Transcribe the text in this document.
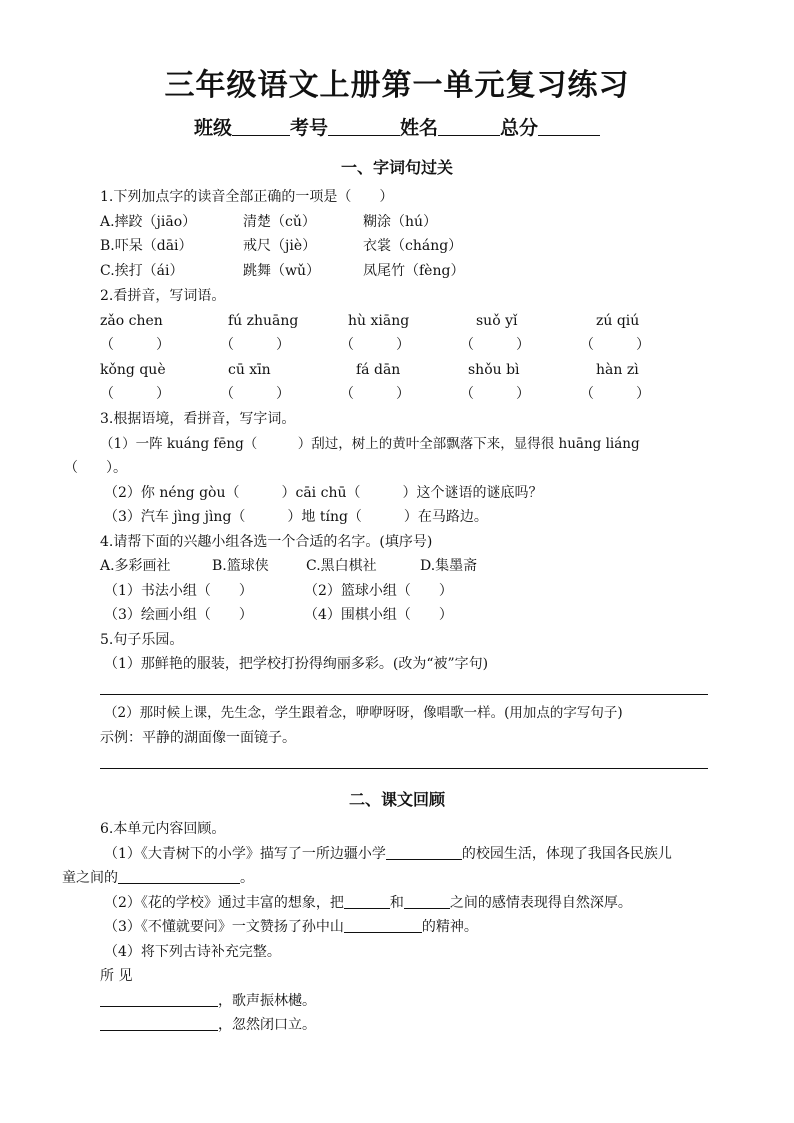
三年级语文上册第一单元复习练习
班级	考号	姓名	总分
一、字词句过关
1.下列加点字的读音全部正确的一项是（　　）
A.摔跤（jiāo）	清楚（cǔ）	糊涂（hú）
B.吓呆（dāi）	戒尺（jiè）	衣裳（cháng）
C.挨打（ái）	跳舞（wǔ）	凤尾竹（fèng）
2.看拼音，写词语。
zǎo chen	fú zhuāng	hù xiāng	suǒ yǐ	zú qiú
（　　　）	（　　　）	（　　　）	（　　　）	（　　　）
kǒng què	cū xīn	fá dān	shǒu bì	hàn zì
（　　　）	（　　　）	（　　　）	（　　　）	（　　　）
3.根据语境，看拼音，写字词。
（1）一阵 kuáng fēng（　　　）刮过，树上的黄叶全部飘落下来，显得很 huāng liáng
（　　）。
（2）你 néng gòu（　　　）cāi chū（　　　）这个谜语的谜底吗？
（3）汽车 jìng jìng（　　　）地 tíng（　　　）在马路边。
4.请帮下面的兴趣小组各选一个合适的名字。(填序号)
A.多彩画社	B.篮球侠	C.黑白棋社	D.集墨斋
（1）书法小组（　　）	（2）篮球小组（　　）
（3）绘画小组（　　）	（4）围棋小组（　　）
5.句子乐园。
（1）那鲜艳的服装，把学校打扮得绚丽多彩。(改为“被”字句)
（2）那时候上课，先生念，学生跟着念，咿咿呀呀，像唱歌一样。(用加点的字写句子)
示例：平静的湖面像一面镜子。
二、课文回顾
6.本单元内容回顾。
（1）《大青树下的小学》描写了一所边疆小学	的校园生活，体现了我国各民族儿
童之间的	。
（2）《花的学校》通过丰富的想象，把	和	之间的感情表现得自然深厚。
（3）《不懂就要问》一文赞扬了孙中山	的精神。
（4）将下列古诗补充完整。
所 见
，歌声振林樾。
，忽然闭口立。
